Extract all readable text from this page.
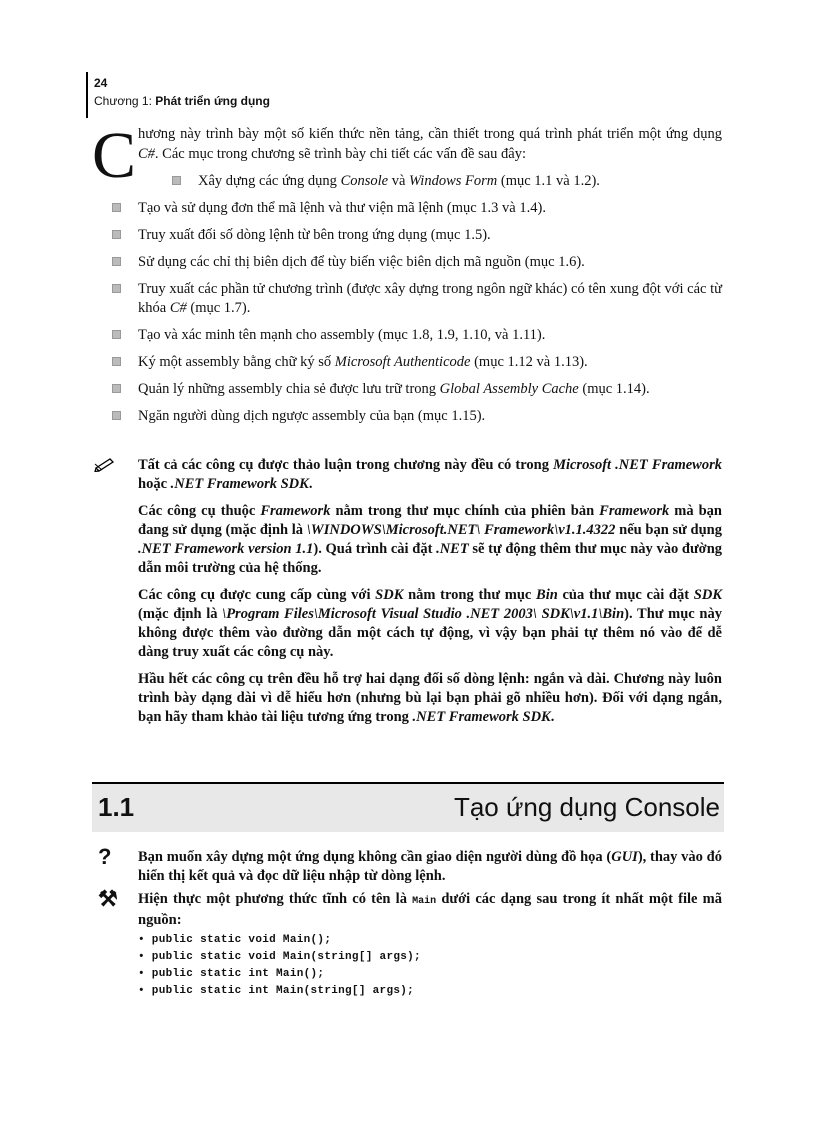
24
Chương 1: Phát triển ứng dụng
C hương này trình bày một số kiến thức nền tảng, cần thiết trong quá trình phát triển một ứng dụng C#. Các mục trong chương sẽ trình bày chi tiết các vấn đề sau đây:
Xây dựng các ứng dụng Console và Windows Form (mục 1.1 và 1.2).
Tạo và sử dụng đơn thể mã lệnh và thư viện mã lệnh (mục 1.3 và 1.4).
Truy xuất đối số dòng lệnh từ bên trong ứng dụng (mục 1.5).
Sử dụng các chỉ thị biên dịch để tùy biến việc biên dịch mã nguồn (mục 1.6).
Truy xuất các phần tử chương trình (được xây dựng trong ngôn ngữ khác) có tên xung đột với các từ khóa C# (mục 1.7).
Tạo và xác minh tên mạnh cho assembly (mục 1.8, 1.9, 1.10, và 1.11).
Ký một assembly bằng chữ ký số Microsoft Authenticode (mục 1.12 và 1.13).
Quản lý những assembly chia sẻ được lưu trữ trong Global Assembly Cache (mục 1.14).
Ngăn người dùng dịch ngược assembly của bạn (mục 1.15).

Tất cả các công cụ được thảo luận trong chương này đều có trong Microsoft .NET Framework hoặc .NET Framework SDK.

Các công cụ thuộc Framework nằm trong thư mục chính của phiên bản Framework mà bạn đang sử dụng (mặc định là \WINDOWS\Microsoft.NET\ Framework\v1.1.4322 nếu bạn sử dụng .NET Framework version 1.1). Quá trình cài đặt .NET sẽ tự động thêm thư mục này vào đường dẫn môi trường của hệ thống.

Các công cụ được cung cấp cùng với SDK nằm trong thư mục Bin của thư mục cài đặt SDK (mặc định là \Program Files\Microsoft Visual Studio .NET 2003\ SDK\v1.1\Bin). Thư mục này không được thêm vào đường dẫn một cách tự động, vì vậy bạn phải tự thêm nó vào để dễ dàng truy xuất các công cụ này.

Hầu hết các công cụ trên đều hỗ trợ hai dạng đối số dòng lệnh: ngắn và dài. Chương này luôn trình bày dạng dài vì dễ hiểu hơn (nhưng bù lại bạn phải gõ nhiều hơn). Đối với dạng ngắn, bạn hãy tham khảo tài liệu tương ứng trong .NET Framework SDK.

1.1	Tạo ứng dụng Console
? Bạn muốn xây dựng một ứng dụng không cần giao diện người dùng đồ họa (GUI), thay vào đó hiển thị kết quả và đọc dữ liệu nhập từ dòng lệnh.
⚒ Hiện thực một phương thức tĩnh có tên là Main dưới các dạng sau trong ít nhất một file mã nguồn:
• public static void Main();
• public static void Main(string[] args);
• public static int Main();
• public static int Main(string[] args);
